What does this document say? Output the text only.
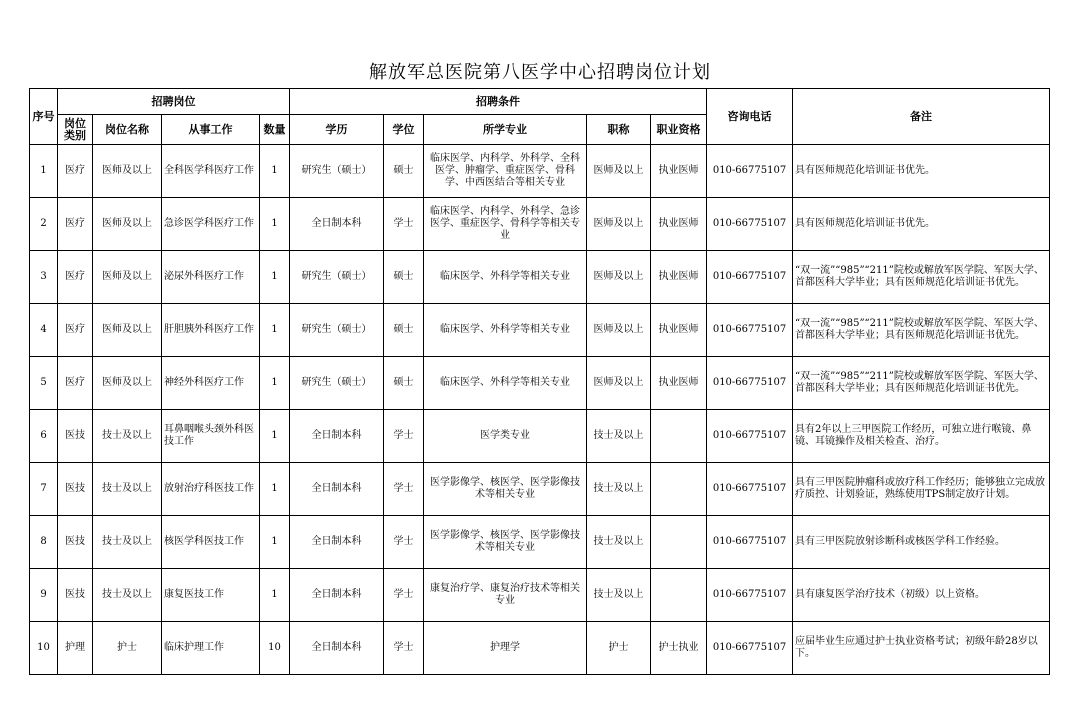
解放军总医院第八医学中心招聘岗位计划
序号	招聘岗位				招聘条件					咨询电话	备注
	岗位类别	岗位名称	从事工作	数量	学历	学位	所学专业	职称	职业资格		
1	医疗	医师及以上	全科医学科医疗工作	1	研究生（硕士）	硕士	临床医学、内科学、外科学、全科医学、肿瘤学、重症医学、骨科学、中西医结合等相关专业	医师及以上	执业医师	010-66775107	具有医师规范化培训证书优先。
2	医疗	医师及以上	急诊医学科医疗工作	1	全日制本科	学士	临床医学、内科学、外科学、急诊医学、重症医学、骨科学等相关专业	医师及以上	执业医师	010-66775107	具有医师规范化培训证书优先。
3	医疗	医师及以上	泌尿外科医疗工作	1	研究生（硕士）	硕士	临床医学、外科学等相关专业	医师及以上	执业医师	010-66775107	“双一流”“985”“211”院校或解放军医学院、军医大学、首都医科大学毕业；具有医师规范化培训证书优先。
4	医疗	医师及以上	肝胆胰外科医疗工作	1	研究生（硕士）	硕士	临床医学、外科学等相关专业	医师及以上	执业医师	010-66775107	“双一流”“985”“211”院校或解放军医学院、军医大学、首都医科大学毕业；具有医师规范化培训证书优先。
5	医疗	医师及以上	神经外科医疗工作	1	研究生（硕士）	硕士	临床医学、外科学等相关专业	医师及以上	执业医师	010-66775107	“双一流”“985”“211”院校或解放军医学院、军医大学、首都医科大学毕业；具有医师规范化培训证书优先。
6	医技	技士及以上	耳鼻咽喉头颈外科医技工作	1	全日制本科	学士	医学类专业	技士及以上		010-66775107	具有2年以上三甲医院工作经历，可独立进行喉镜、鼻镜、耳镜操作及相关检查、治疗。
7	医技	技士及以上	放射治疗科医技工作	1	全日制本科	学士	医学影像学、核医学、医学影像技术等相关专业	技士及以上		010-66775107	具有三甲医院肿瘤科或放疗科工作经历；能够独立完成放疗质控、计划验证，熟练使用TPS制定放疗计划。
8	医技	技士及以上	核医学科医技工作	1	全日制本科	学士	医学影像学、核医学、医学影像技术等相关专业	技士及以上		010-66775107	具有三甲医院放射诊断科或核医学科工作经验。
9	医技	技士及以上	康复医技工作	1	全日制本科	学士	康复治疗学、康复治疗技术等相关专业	技士及以上		010-66775107	具有康复医学治疗技术（初级）以上资格。
10	护理	护士	临床护理工作	10	全日制本科	学士	护理学	护士	护士执业	010-66775107	应届毕业生应通过护士执业资格考试；初级年龄28岁以下。
